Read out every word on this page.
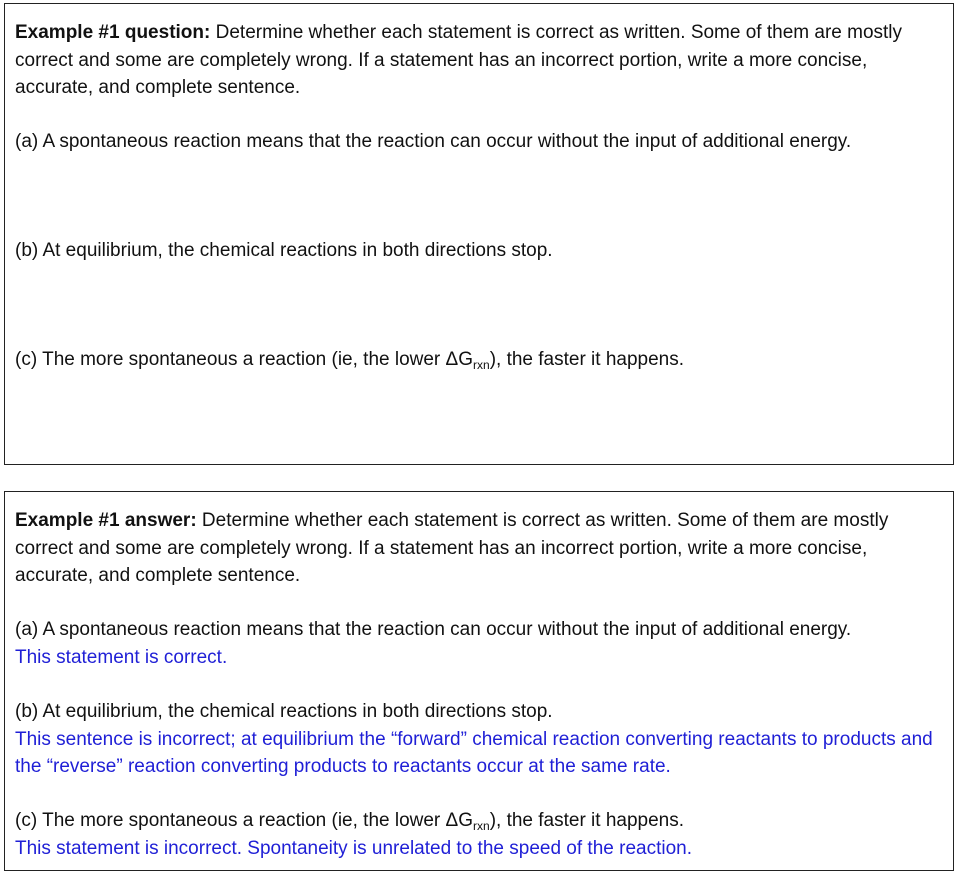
Example #1 question: Determine whether each statement is correct as written. Some of them are mostly correct and some are completely wrong. If a statement has an incorrect portion, write a more concise, accurate, and complete sentence.

(a) A spontaneous reaction means that the reaction can occur without the input of additional energy.

(b) At equilibrium, the chemical reactions in both directions stop.

(c) The more spontaneous a reaction (ie, the lower $\Delta G_{rxn}$), the faster it happens.

Example #1 answer: Determine whether each statement is correct as written. Some of them are mostly correct and some are completely wrong. If a statement has an incorrect portion, write a more concise, accurate, and complete sentence.

(a) A spontaneous reaction means that the reaction can occur without the input of additional energy.

This statement is correct.

(b) At equilibrium, the chemical reactions in both directions stop.

This sentence is incorrect; at equilibrium the “forward” chemical reaction converting reactants to products and the “reverse” reaction converting products to reactants occur at the same rate.

(c) The more spontaneous a reaction (ie, the lower $\Delta G_{rxn}$), the faster it happens.

This statement is incorrect. Spontaneity is unrelated to the speed of the reaction.
